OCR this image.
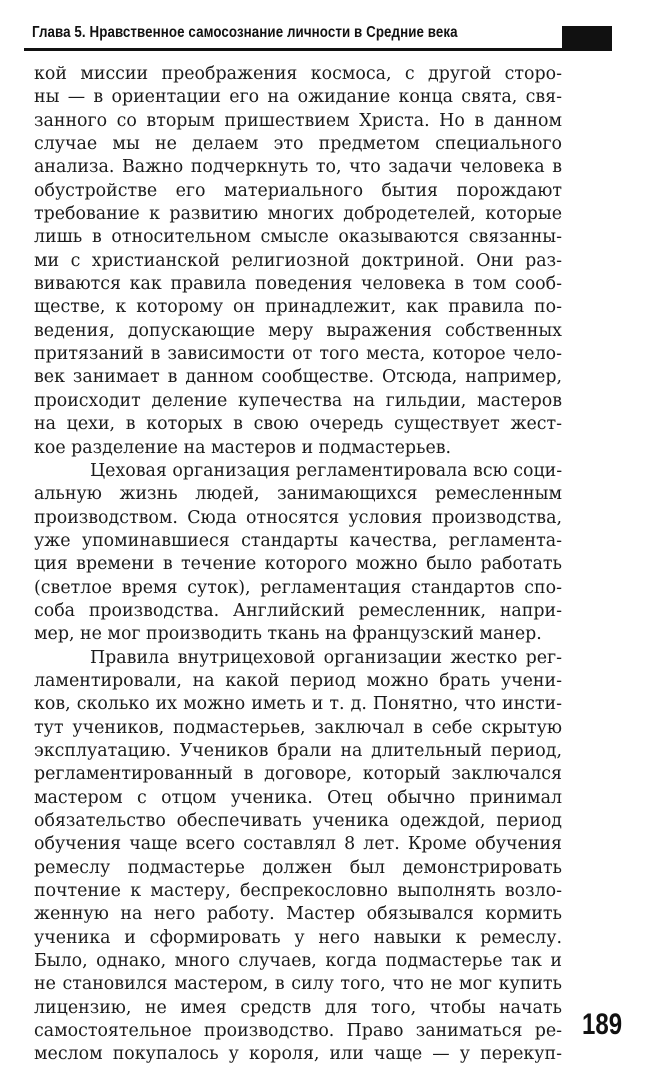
Глава 5. Нравственное самосознание личности в Средние века
кой миссии преображения космоса, с другой сторо-
ны — в ориентации его на ожидание конца свята, свя-
занного со вторым пришествием Христа. Но в данном
случае мы не делаем это предметом специального
анализа. Важно подчеркнуть то, что задачи человека в
обустройстве его материального бытия порождают
требование к развитию многих добродетелей, которые
лишь в относительном смысле оказываются связанны-
ми с христианской религиозной доктриной. Они раз-
виваются как правила поведения человека в том сооб-
ществе, к которому он принадлежит, как правила по-
ведения, допускающие меру выражения собственных
притязаний в зависимости от того места, которое чело-
век занимает в данном сообществе. Отсюда, например,
происходит деление купечества на гильдии, мастеров
на цехи, в которых в свою очередь существует жест-
кое разделение на мастеров и подмастерьев.
Цеховая организация регламентировала всю соци-
альную жизнь людей, занимающихся ремесленным
производством. Сюда относятся условия производства,
уже упоминавшиеся стандарты качества, регламента-
ция времени в течение которого можно было работать
(светлое время суток), регламентация стандартов спо-
соба производства. Английский ремесленник, напри-
мер, не мог производить ткань на французский манер.
Правила внутрицеховой организации жестко рег-
ламентировали, на какой период можно брать учени-
ков, сколько их можно иметь и т. д. Понятно, что инсти-
тут учеников, подмастерьев, заключал в себе скрытую
эксплуатацию. Учеников брали на длительный период,
регламентированный в договоре, который заключался
мастером с отцом ученика. Отец обычно принимал
обязательство обеспечивать ученика одеждой, период
обучения чаще всего составлял 8 лет. Кроме обучения
ремеслу подмастерье должен был демонстрировать
почтение к мастеру, беспрекословно выполнять возло-
женную на него работу. Мастер обязывался кормить
ученика и сформировать у него навыки к ремеслу.
Было, однако, много случаев, когда подмастерье так и
не становился мастером, в силу того, что не мог купить
лицензию, не имея средств для того, чтобы начать
самостоятельное производство. Право заниматься ре-
меслом покупалось у короля, или чаще — у перекуп-
189
